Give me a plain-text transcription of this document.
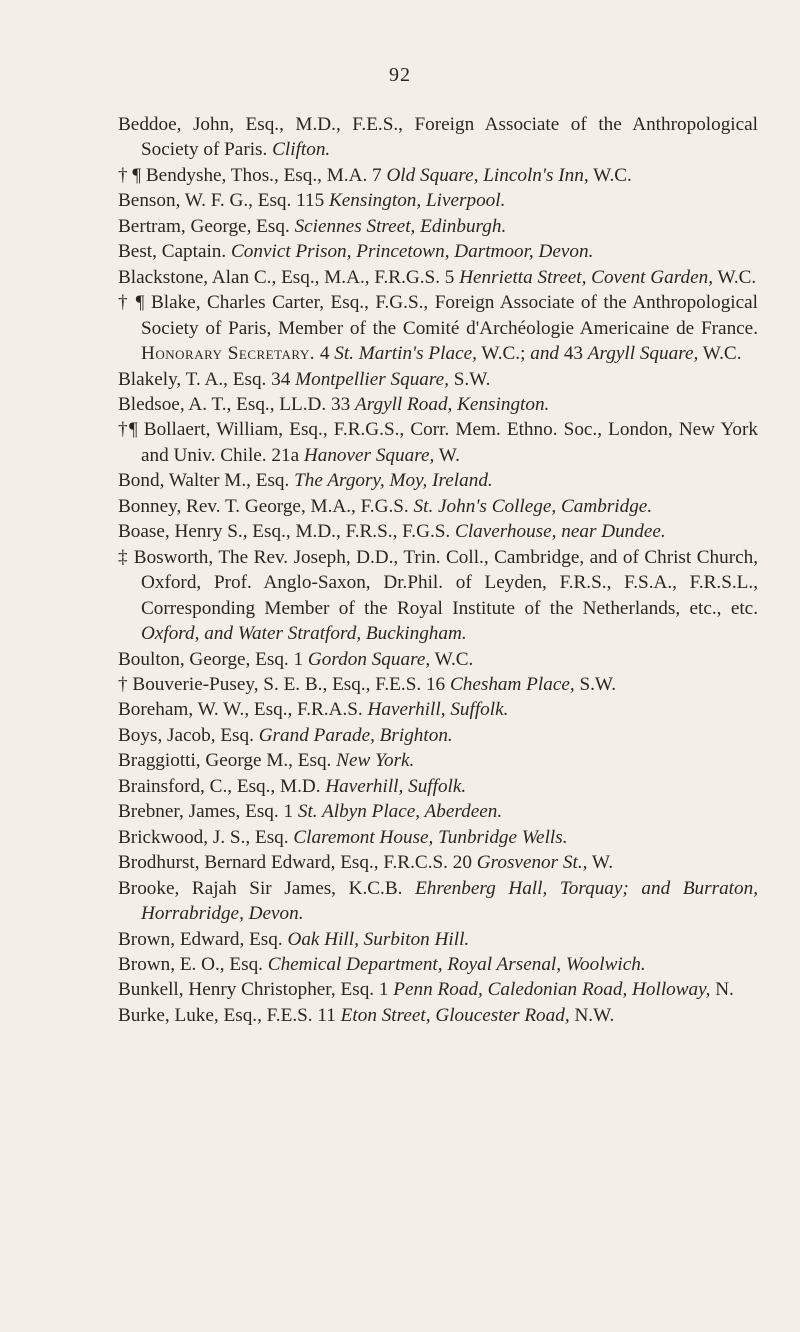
92

Beddoe, John, Esq., M.D., F.E.S., Foreign Associate of the Anthropological Society of Paris. Clifton.

† ¶ Bendyshe, Thos., Esq., M.A. 7 Old Square, Lincoln's Inn, W.C.

Benson, W. F. G., Esq. 115 Kensington, Liverpool.

Bertram, George, Esq. Sciennes Street, Edinburgh.

Best, Captain. Convict Prison, Princetown, Dartmoor, Devon.

Blackstone, Alan C., Esq., M.A., F.R.G.S. 5 Henrietta Street, Covent Garden, W.C.

† ¶ Blake, Charles Carter, Esq., F.G.S., Foreign Associate of the Anthropological Society of Paris, Member of the Comité d'Archéologie Americaine de France. Honorary Secretary. 4 St. Martin's Place, W.C.; and 43 Argyll Square, W.C.

Blakely, T. A., Esq. 34 Montpellier Square, S.W.

Bledsoe, A. T., Esq., LL.D. 33 Argyll Road, Kensington.

†¶ Bollaert, William, Esq., F.R.G.S., Corr. Mem. Ethno. Soc., London, New York and Univ. Chile. 21a Hanover Square, W.

Bond, Walter M., Esq. The Argory, Moy, Ireland.

Bonney, Rev. T. George, M.A., F.G.S. St. John's College, Cambridge.

Boase, Henry S., Esq., M.D., F.R.S., F.G.S. Claverhouse, near Dundee.

‡ Bosworth, The Rev. Joseph, D.D., Trin. Coll., Cambridge, and of Christ Church, Oxford, Prof. Anglo-Saxon, Dr.Phil. of Leyden, F.R.S., F.S.A., F.R.S.L., Corresponding Member of the Royal Institute of the Netherlands, etc., etc. Oxford, and Water Stratford, Buckingham.

Boulton, George, Esq. 1 Gordon Square, W.C.

† Bouverie-Pusey, S. E. B., Esq., F.E.S. 16 Chesham Place, S.W.

Boreham, W. W., Esq., F.R.A.S. Haverhill, Suffolk.

Boys, Jacob, Esq. Grand Parade, Brighton.

Braggiotti, George M., Esq. New York.

Brainsford, C., Esq., M.D. Haverhill, Suffolk.

Brebner, James, Esq. 1 St. Albyn Place, Aberdeen.

Brickwood, J. S., Esq. Claremont House, Tunbridge Wells.

Brodhurst, Bernard Edward, Esq., F.R.C.S. 20 Grosvenor St., W.

Brooke, Rajah Sir James, K.C.B. Ehrenberg Hall, Torquay; and Burraton, Horrabridge, Devon.

Brown, Edward, Esq. Oak Hill, Surbiton Hill.

Brown, E. O., Esq. Chemical Department, Royal Arsenal, Woolwich.

Bunkell, Henry Christopher, Esq. 1 Penn Road, Caledonian Road, Holloway, N.

Burke, Luke, Esq., F.E.S. 11 Eton Street, Gloucester Road, N.W.
